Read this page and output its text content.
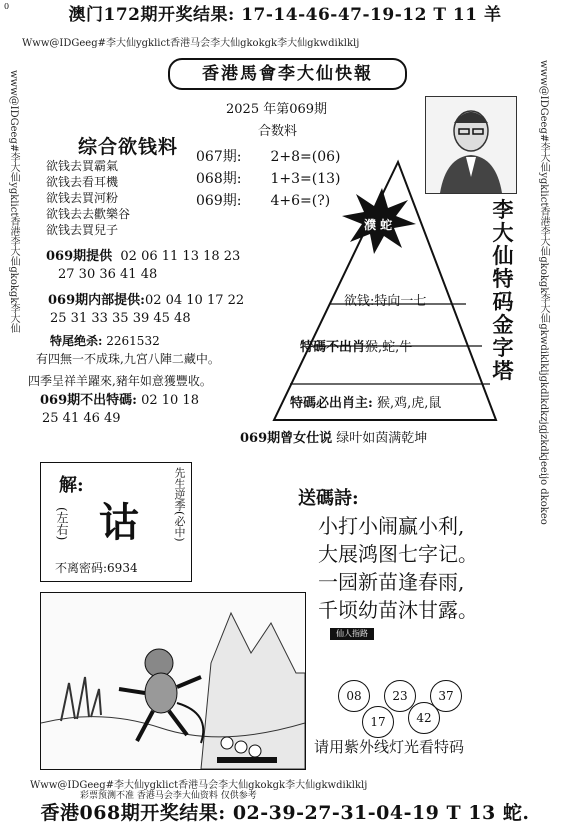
0	澳门172期开奖结果: 17-14-46-47-19-12 T 11 羊
Www@IDGeeg#李大仙ygklict香港马会李大仙gkokgk李大仙gkwdiklklj
www@IDGeeg#李大仙ygklict香港李大仙gkokgk李大仙	www@IDGeeg#李大仙ygklict香港李大仙gkokgk李大仙gkwdiklkljgkdlkdkzjgjzkdkjeeijo dkokeo
Www@IDGeeg#李大仙ygklict香港马会李大仙gkokgk李大仙gkwdiklklj
香港馬會李大仙快報
2025 年第069期
合数料
067期: 2+8=(06)
068期: 1+3=(13)
069期: 4+6=(?)
综合欲钱料
欲钱去買霸氣
欲钱去看耳機
欲钱去買河粉
欲钱去去歡樂谷
欲钱去買兒子
069期提供 02 06 11 13 18 23
27 30 36 41 48
069期内部提供:02 04 10 17 22
25 31 33 35 39 45 48
特尾绝杀: 2261532
有四無一不成珠,九宮八陣二藏中。
四季呈祥羊躍來,豬年如意獲豐收。
069期不出特碼: 02 10 18
25 41 46 49
濮 蛇
欲钱:特向一七
特碼不出肖猴,蛇,牛
特碼必出肖主: 猴,鸡,虎,鼠
李大仙特码金字塔
069期曾女仕说 绿叶如茵满乾坤
解:
(左右) 诂	先生逆季(必中)
不离密码:6934
送碼詩:
小打小闹赢小利,
大展鸿图七字记。
一园新苗逢春雨,
千顷幼苗沐甘露。
仙人指路
08	23	37
17	42
请用紫外线灯光看特码
彩票预测不准 香港马会李大仙资料 仅供参考
香港068期开奖结果: 02-39-27-31-04-19 T 13 蛇.
